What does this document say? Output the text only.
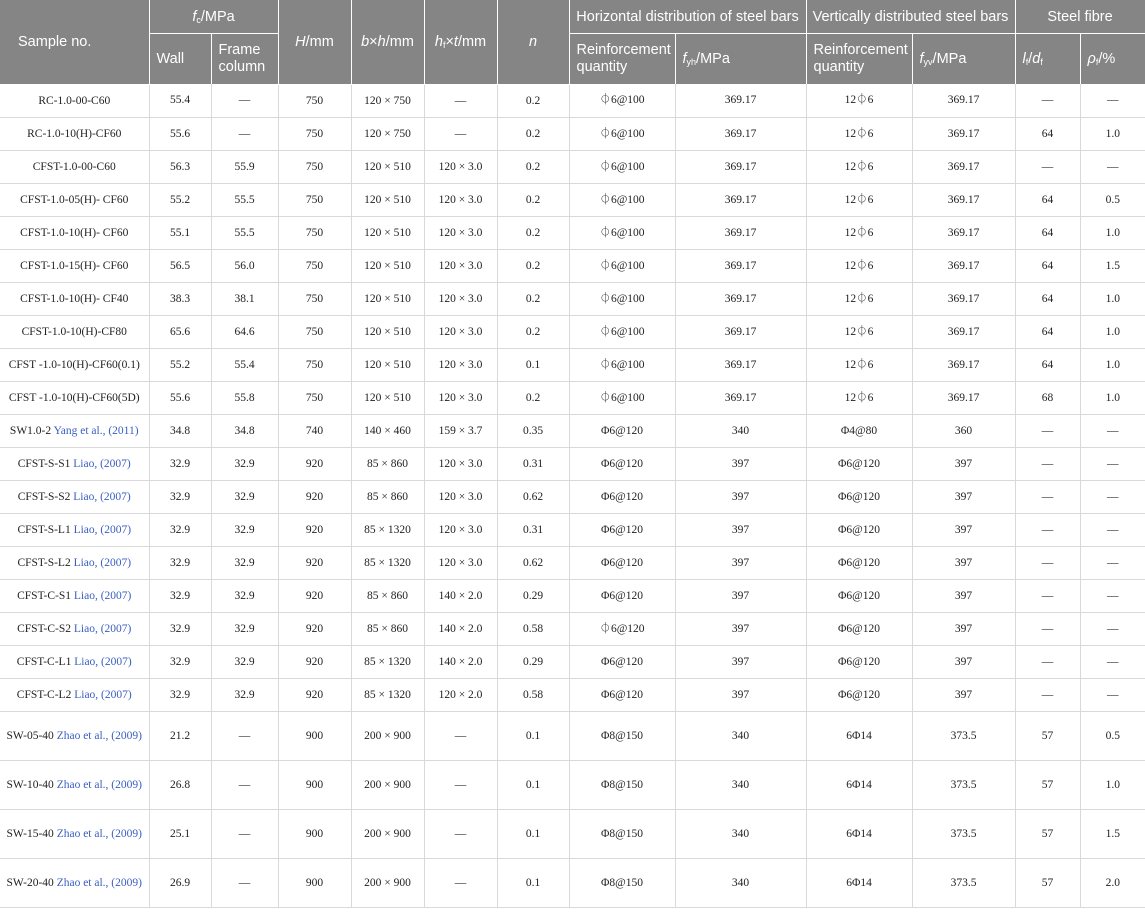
Sample no.	$f_c$/MPa		H/mm	b×h/mm	$h_f\times t/mm$	n	Horizontal distribution of steel bars		Vertically distributed steel bars		Steel fibre	
	Wall	Frame column					Reinforcement quantity	$f_{yh}$/MPa	Reinforcement quantity	$f_{yv}$/MPa	$l_f/d_f$	$\rho_f/\%$
RC-1.0-00-C60	55.4	—	750	120 × 750	—	0.2	⏀6@100	369.17	12⏀6	369.17	—	—
RC-1.0-10(H)-CF60	55.6	—	750	120 × 750	—	0.2	⏀6@100	369.17	12⏀6	369.17	64	1.0
CFST-1.0-00-C60	56.3	55.9	750	120 × 510	120 × 3.0	0.2	⏀6@100	369.17	12⏀6	369.17	—	—
CFST-1.0-05(H)- CF60	55.2	55.5	750	120 × 510	120 × 3.0	0.2	⏀6@100	369.17	12⏀6	369.17	64	0.5
CFST-1.0-10(H)- CF60	55.1	55.5	750	120 × 510	120 × 3.0	0.2	⏀6@100	369.17	12⏀6	369.17	64	1.0
CFST-1.0-15(H)- CF60	56.5	56.0	750	120 × 510	120 × 3.0	0.2	⏀6@100	369.17	12⏀6	369.17	64	1.5
CFST-1.0-10(H)- CF40	38.3	38.1	750	120 × 510	120 × 3.0	0.2	⏀6@100	369.17	12⏀6	369.17	64	1.0
CFST-1.0-10(H)-CF80	65.6	64.6	750	120 × 510	120 × 3.0	0.2	⏀6@100	369.17	12⏀6	369.17	64	1.0
CFST -1.0-10(H)-CF60(0.1)	55.2	55.4	750	120 × 510	120 × 3.0	0.1	⏀6@100	369.17	12⏀6	369.17	64	1.0
CFST -1.0-10(H)-CF60(5D)	55.6	55.8	750	120 × 510	120 × 3.0	0.2	⏀6@100	369.17	12⏀6	369.17	68	1.0
SW1.0-2 Yang et al., (2011)	34.8	34.8	740	140 × 460	159 × 3.7	0.35	Φ6@120	340	Φ4@80	360	—	—
CFST-S-S1 Liao, (2007)	32.9	32.9	920	85 × 860	120 × 3.0	0.31	Φ6@120	397	Φ6@120	397	—	—
CFST-S-S2 Liao, (2007)	32.9	32.9	920	85 × 860	120 × 3.0	0.62	Φ6@120	397	Φ6@120	397	—	—
CFST-S-L1 Liao, (2007)	32.9	32.9	920	85 × 1320	120 × 3.0	0.31	Φ6@120	397	Φ6@120	397	—	—
CFST-S-L2 Liao, (2007)	32.9	32.9	920	85 × 1320	120 × 3.0	0.62	Φ6@120	397	Φ6@120	397	—	—
CFST-C-S1 Liao, (2007)	32.9	32.9	920	85 × 860	140 × 2.0	0.29	Φ6@120	397	Φ6@120	397	—	—
CFST-C-S2 Liao, (2007)	32.9	32.9	920	85 × 860	140 × 2.0	0.58	⏀6@120	397	Φ6@120	397	—	—
CFST-C-L1 Liao, (2007)	32.9	32.9	920	85 × 1320	140 × 2.0	0.29	Φ6@120	397	Φ6@120	397	—	—
CFST-C-L2 Liao, (2007)	32.9	32.9	920	85 × 1320	120 × 2.0	0.58	Φ6@120	397	Φ6@120	397	—	—
SW-05-40 Zhao et al., (2009)	21.2	—	900	200 × 900	—	0.1	Φ8@150	340	6Φ14	373.5	57	0.5
SW-10-40 Zhao et al., (2009)	26.8	—	900	200 × 900	—	0.1	Φ8@150	340	6Φ14	373.5	57	1.0
SW-15-40 Zhao et al., (2009)	25.1	—	900	200 × 900	—	0.1	Φ8@150	340	6Φ14	373.5	57	1.5
SW-20-40 Zhao et al., (2009)	26.9	—	900	200 × 900	—	0.1	Φ8@150	340	6Φ14	373.5	57	2.0
